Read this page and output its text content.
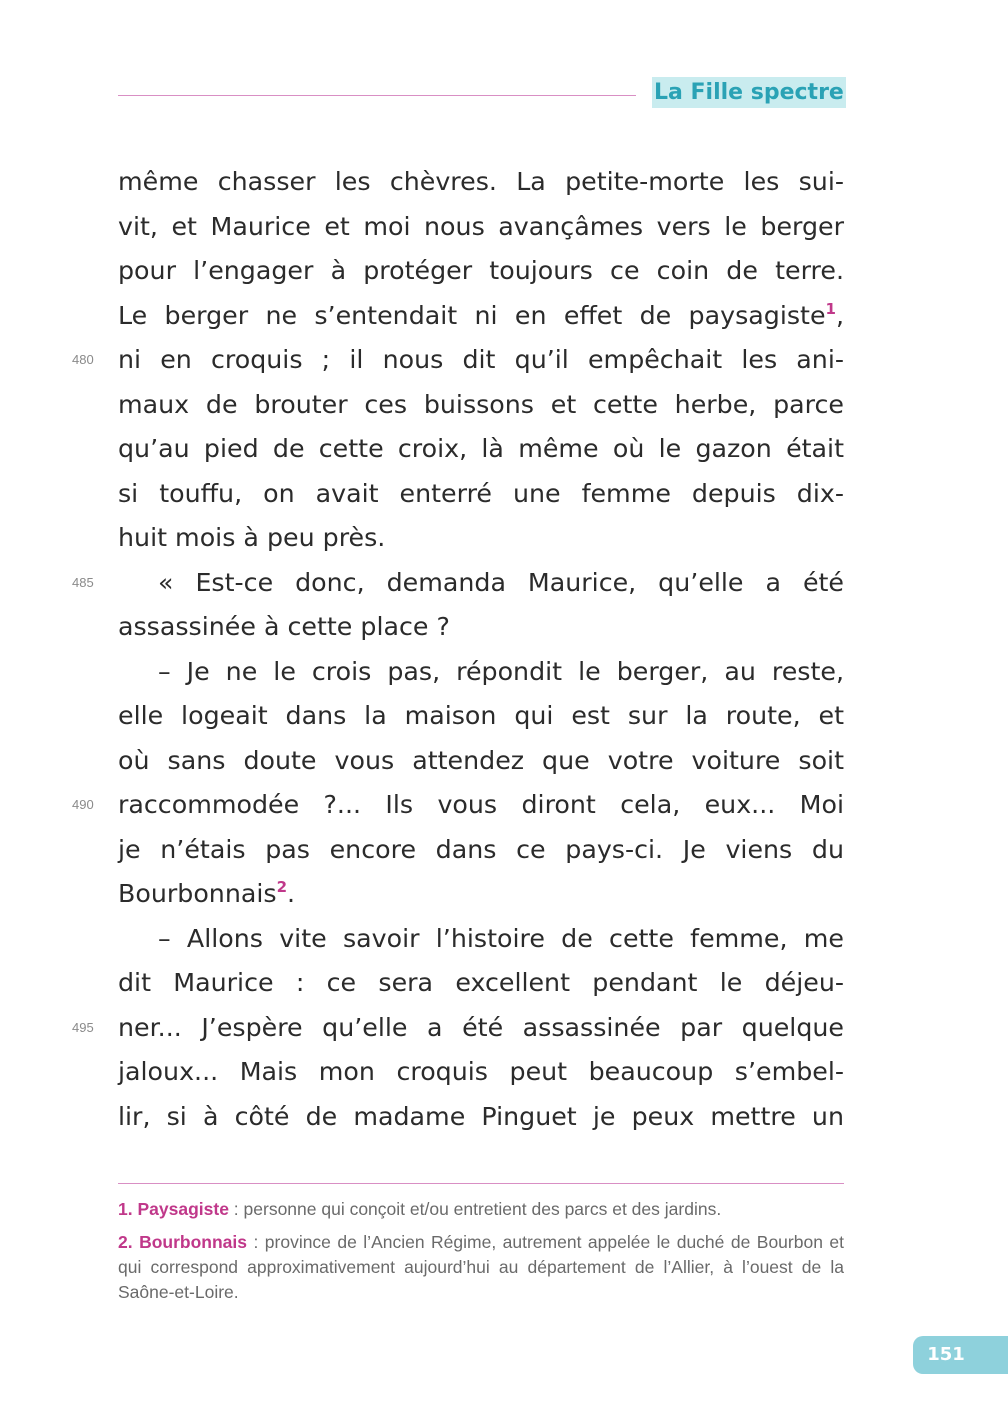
La Fille spectre
480
485
490
495
même chasser les chèvres. La petite-morte les sui-
vit, et Maurice et moi nous avançâmes vers le berger
pour l’engager à protéger toujours ce coin de terre.
Le berger ne s’entendait ni en effet de paysagiste$^1$,
ni en croquis ; il nous dit qu’il empêchait les ani-
maux de brouter ces buissons et cette herbe, parce
qu’au pied de cette croix, là même où le gazon était
si touffu, on avait enterré une femme depuis dix-
huit mois à peu près.
« Est-ce donc, demanda Maurice, qu’elle a été
assassinée à cette place ?
– Je ne le crois pas, répondit le berger, au reste,
elle logeait dans la maison qui est sur la route, et
où sans doute vous attendez que votre voiture soit
raccommodée ?... Ils vous diront cela, eux... Moi
je n’étais pas encore dans ce pays-ci. Je viens du
Bourbonnais$^2$.
– Allons vite savoir l’histoire de cette femme, me
dit Maurice : ce sera excellent pendant le déjeu-
ner... J’espère qu’elle a été assassinée par quelque
jaloux... Mais mon croquis peut beaucoup s’embel-
lir, si à côté de madame Pinguet je peux mettre un
1. Paysagiste : personne qui conçoit et/ou entretient des parcs et des jardins.
2. Bourbonnais : province de l’Ancien Régime, autrement appelée le duché de Bourbon et qui correspond approximativement aujourd’hui au département de l’Allier, à l’ouest de la Saône-et-Loire.
151
